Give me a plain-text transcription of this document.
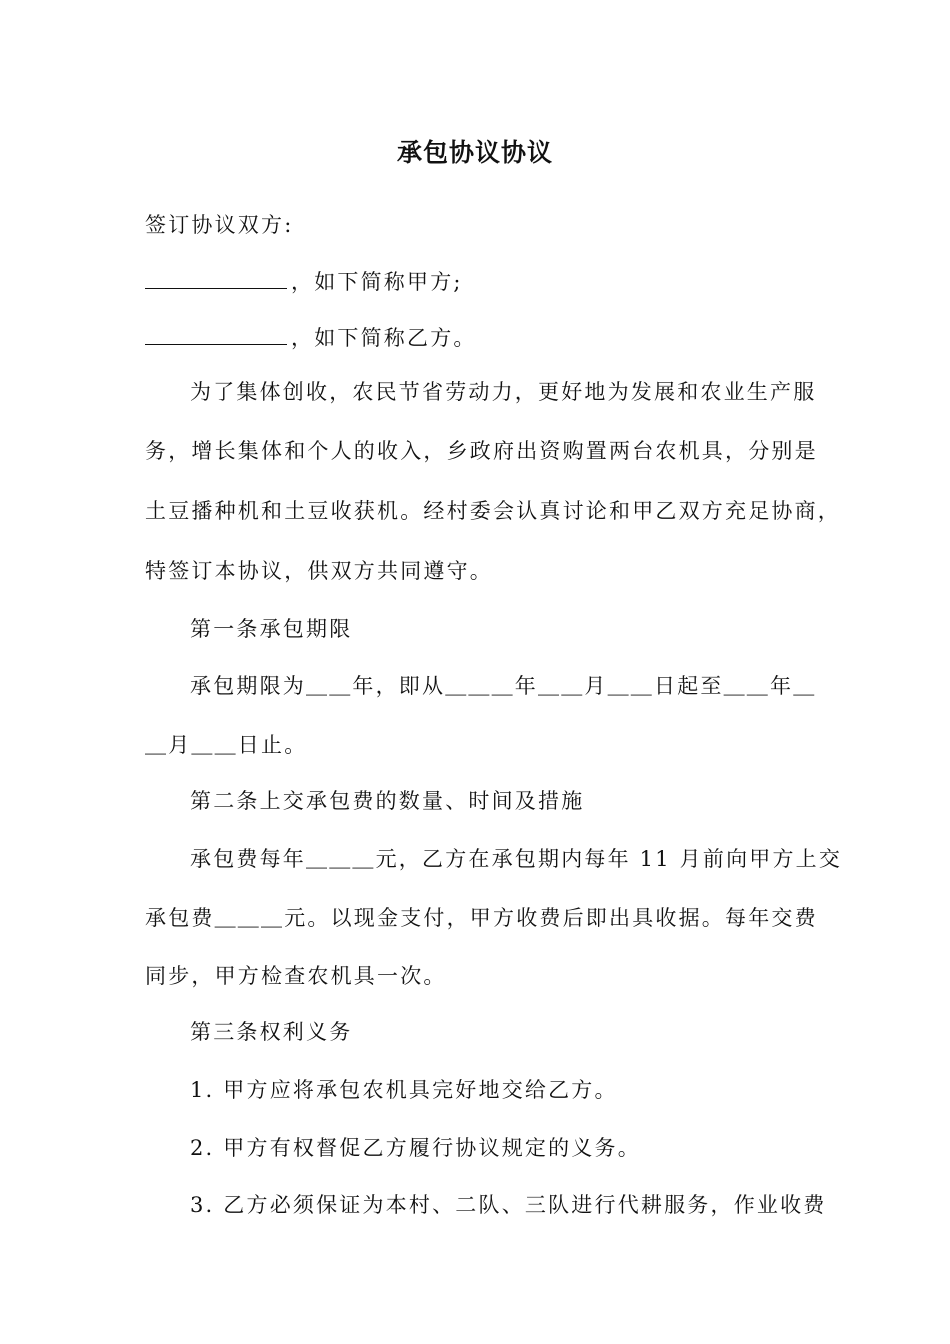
承包协议协议
签订协议双方:
，如下简称甲方;
，如下简称乙方。
为了集体创收，农民节省劳动力，更好地为发展和农业生产服
务，增长集体和个人的收入，乡政府出资购置两台农机具，分别是
土豆播种机和土豆收获机。经村委会认真讨论和甲乙双方充足协商，
特签订本协议，供双方共同遵守。
第一条承包期限
承包期限为＿＿年，即从＿＿＿年＿＿月＿＿日起至＿＿年＿
＿月＿＿日止。
第二条上交承包费的数量、时间及措施
承包费每年＿＿＿元，乙方在承包期内每年 11 月前向甲方上交
承包费＿＿＿元。以现金支付，甲方收费后即出具收据。每年交费
同步，甲方检查农机具一次。
第三条权利义务
1. 甲方应将承包农机具完好地交给乙方。
2. 甲方有权督促乙方履行协议规定的义务。
3. 乙方必须保证为本村、二队、三队进行代耕服务，作业收费
